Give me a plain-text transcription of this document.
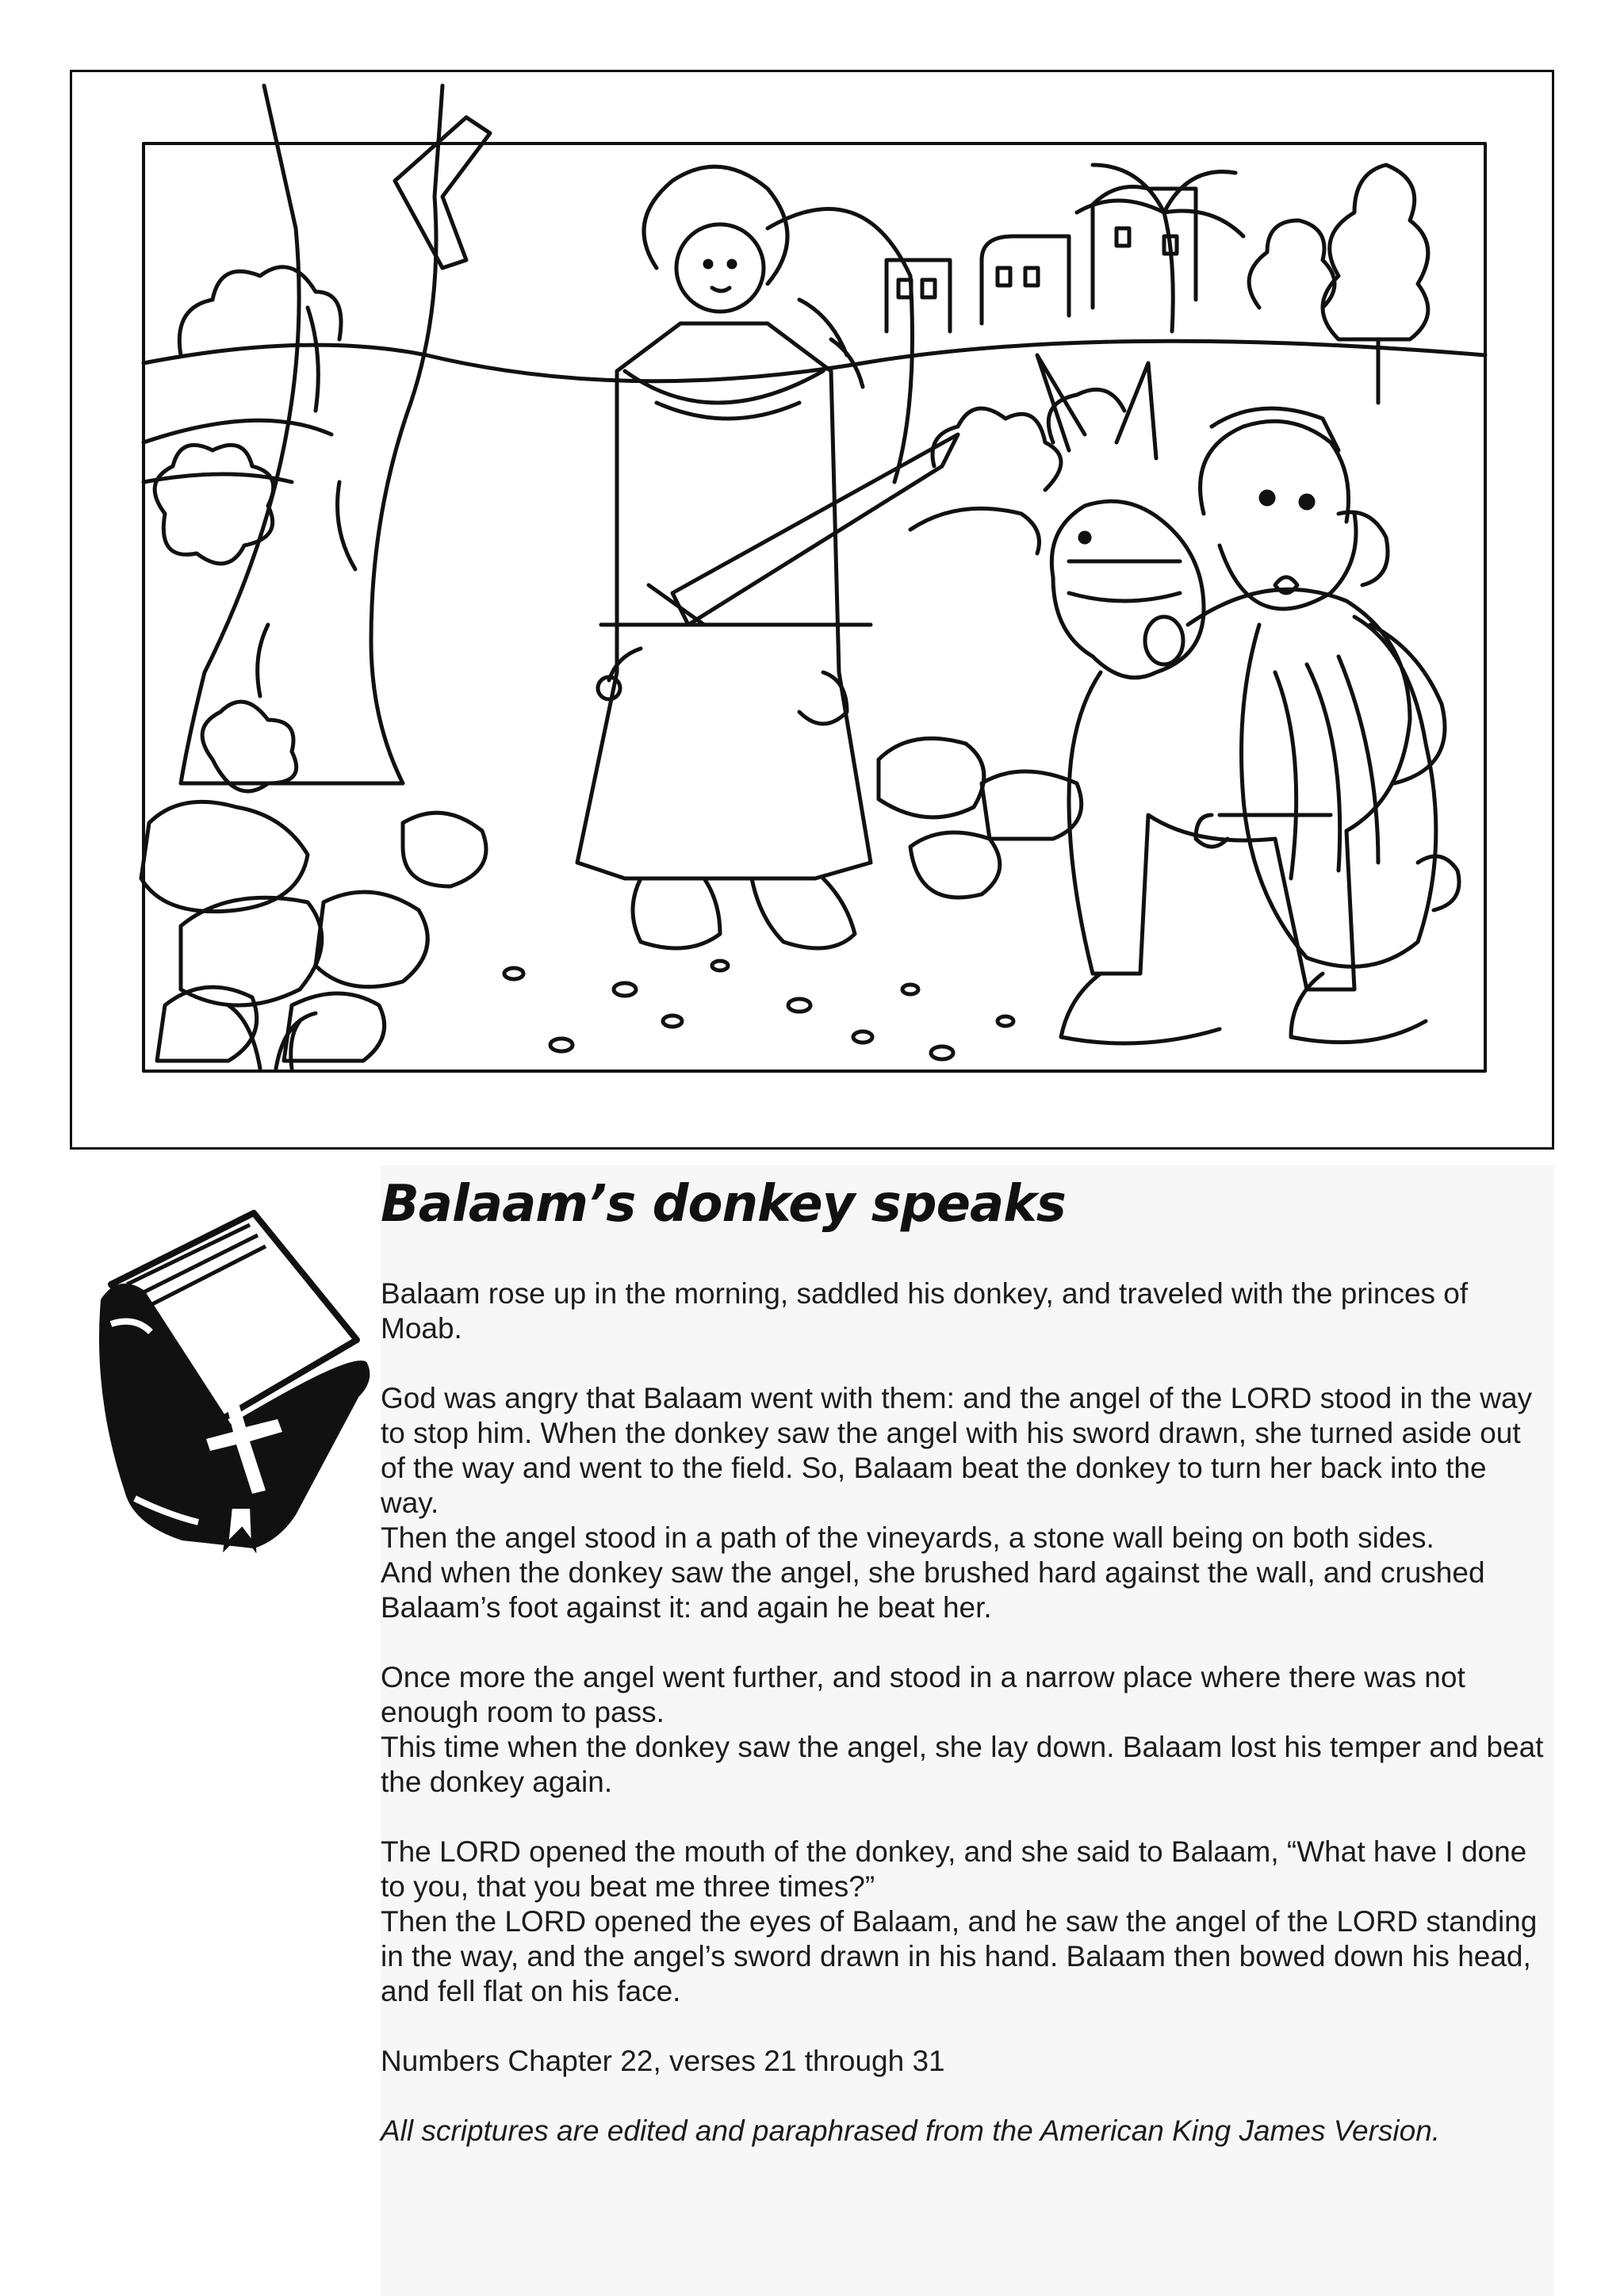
Balaam’s donkey speaks

Balaam rose up in the morning, saddled his donkey, and traveled with the princes of Moab.

God was angry that Balaam went with them: and the angel of the LORD stood in the way to stop him. When the donkey saw the angel with his sword drawn, she turned aside out of the way and went to the field. So, Balaam beat the donkey to turn her back into the way.

Then the angel stood in a path of the vineyards, a stone wall being on both sides.

And when the donkey saw the angel, she brushed hard against the wall, and crushed Balaam’s foot against it: and again he beat her.

Once more the angel went further, and stood in a narrow place where there was not enough room to pass.

This time when the donkey saw the angel, she lay down. Balaam lost his temper and beat the donkey again.

The LORD opened the mouth of the donkey, and she said to Balaam, “What have I done to you, that you beat me three times?”

Then the LORD opened the eyes of Balaam, and he saw the angel of the LORD standing in the way, and the angel’s sword drawn in his hand. Balaam then bowed down his head, and fell flat on his face.

Numbers Chapter 22, verses 21 through 31

All scriptures are edited and paraphrased from the American King James Version.
